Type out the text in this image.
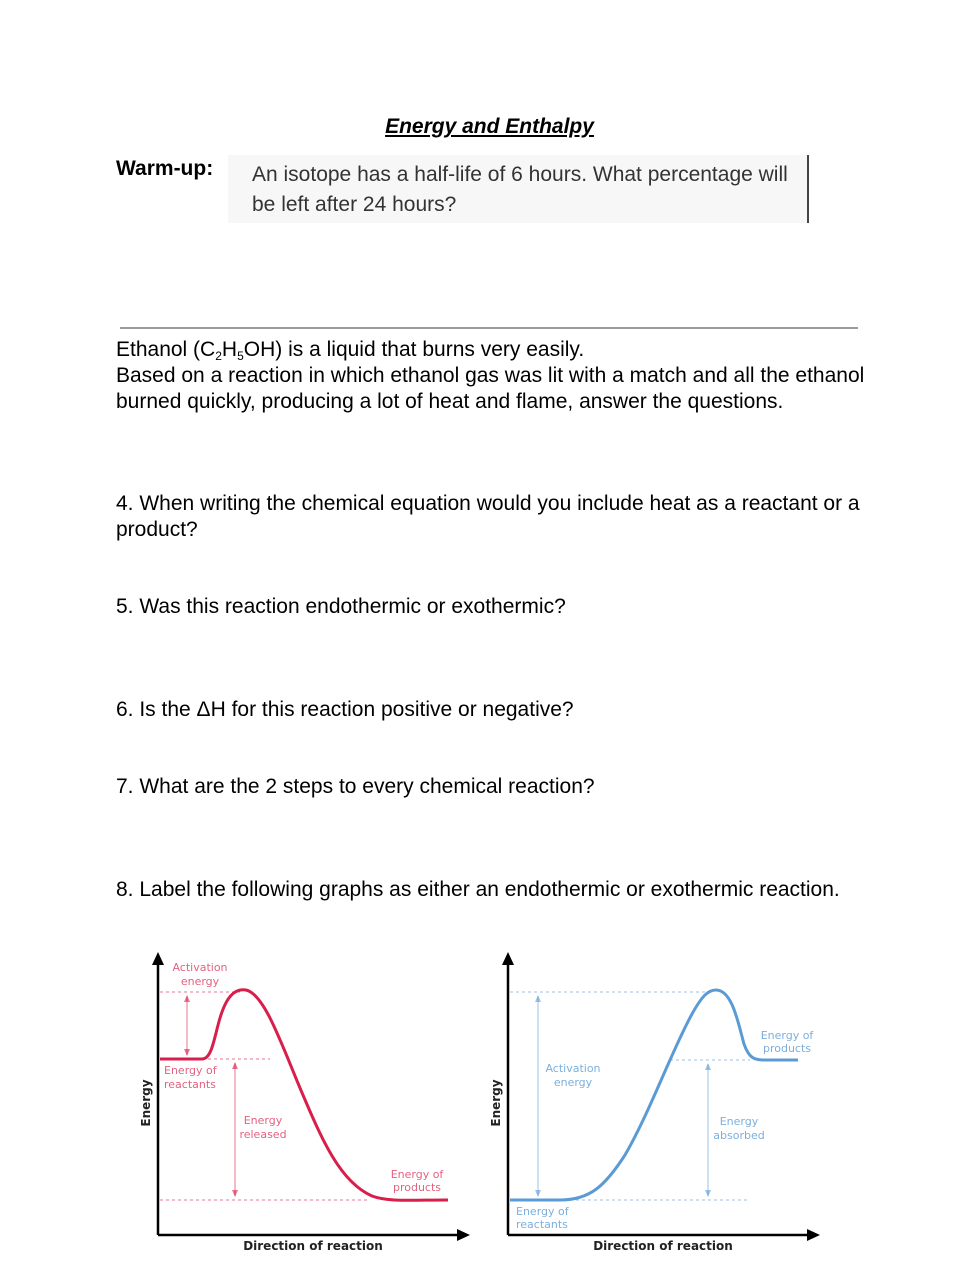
Energy and Enthalpy
Warm-up: An isotope has a half-life of 6 hours. What percentage will be left after 24 hours?
Ethanol $(C_2H_5OH)$ is a liquid that burns very easily.
Based on a reaction in which ethanol gas was lit with a match and all the ethanol burned quickly, producing a lot of heat and flame, answer the questions.
4. When writing the chemical equation would you include heat as a reactant or a product?
5. Was this reaction endothermic or exothermic?
6. Is the ΔH for this reaction positive or negative?
7. What are the 2 steps to every chemical reaction?
8. Label the following graphs as either an endothermic or exothermic reaction.
Activation
energy
Energy of
reactants
Energy
released
Energy of
products
Direction of reaction
Energy
Activation
energy
Energy of
products
Energy
absorbed
Energy of
reactants
Direction of reaction
Energy
